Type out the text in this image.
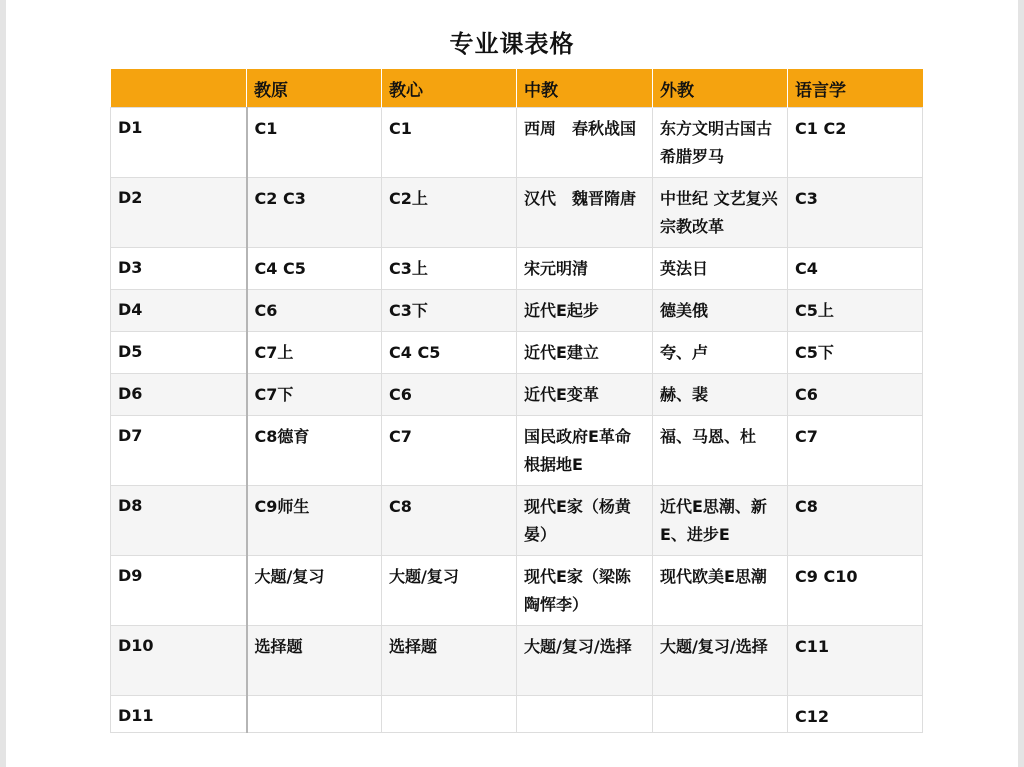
专业课表格
	教原	教心	中教	外教	语言学
D1	C1	C1	西周　春秋战国	东方文明古国古希腊罗马	C1 C2
D2	C2 C3	C2上	汉代　魏晋隋唐	中世纪 文艺复兴宗教改革	C3
D3	C4 C5	C3上	宋元明清	英法日	C4
D4	C6	C3下	近代E起步	德美俄	C5上
D5	C7上	C4 C5	近代E建立	夸、卢	C5下
D6	C7下	C6	近代E变革	赫、裴	C6
D7	C8德育	C7	国民政府E革命根据地E	福、马恩、杜	C7
D8	C9师生	C8	现代E家（杨黄晏）	近代E思潮、新E、进步E	C8
D9	大题/复习	大题/复习	现代E家（梁陈陶恽李）	现代欧美E思潮	C9 C10
D10	选择题	选择题	大题/复习/选择	大题/复习/选择	C11
D11					C12
